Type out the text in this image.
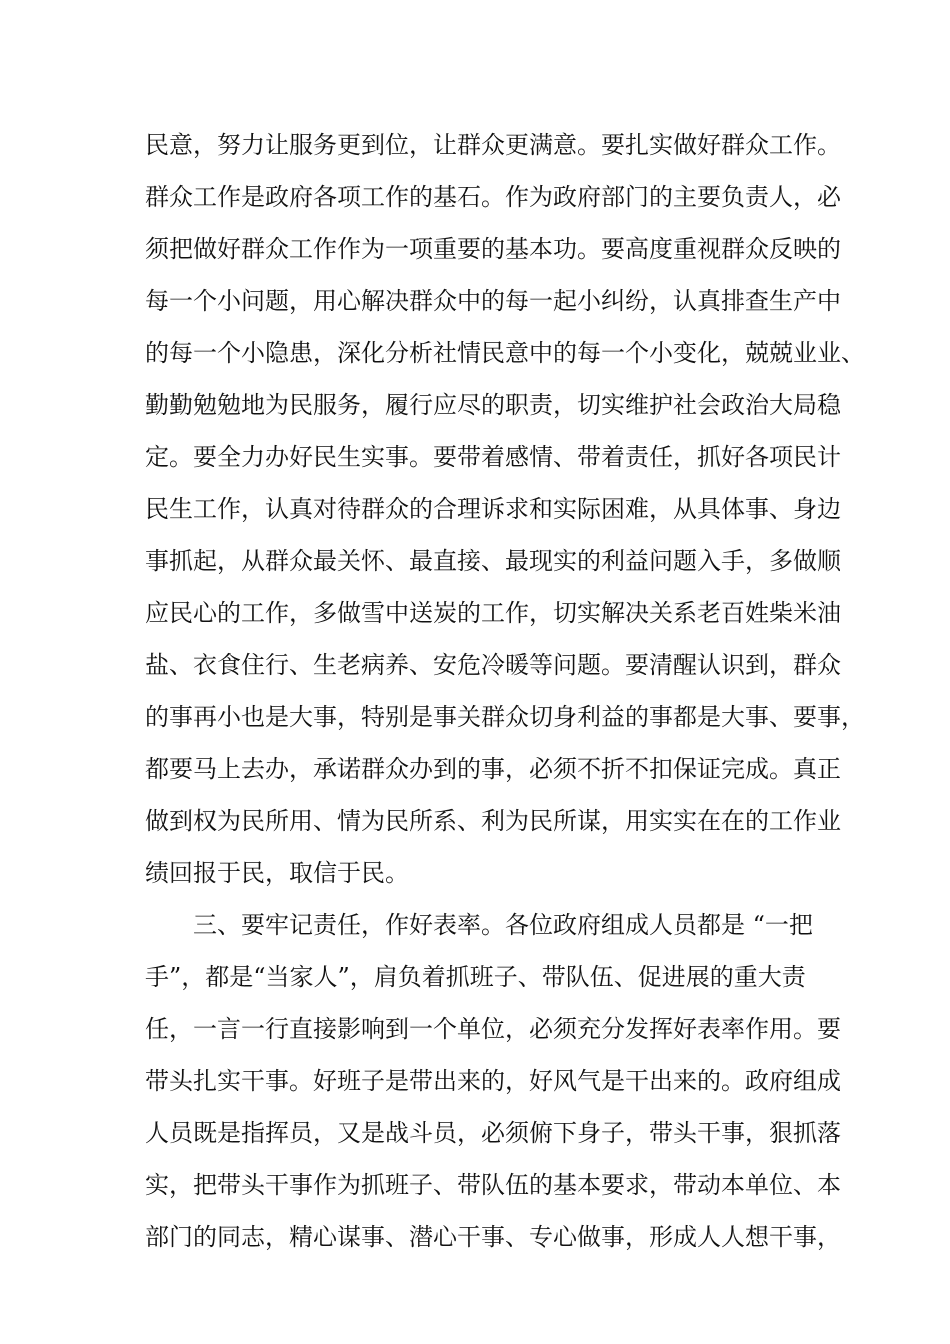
民意，努力让服务更到位，让群众更满意。要扎实做好群众工作。
群众工作是政府各项工作的基石。作为政府部门的主要负责人，必
须把做好群众工作作为一项重要的基本功。要高度重视群众反映的
每一个小问题，用心解决群众中的每一起小纠纷，认真排查生产中
的每一个小隐患，深化分析社情民意中的每一个小变化，兢兢业业、
勤勤勉勉地为民服务，履行应尽的职责，切实维护社会政治大局稳
定。要全力办好民生实事。要带着感情、带着责任，抓好各项民计
民生工作，认真对待群众的合理诉求和实际困难，从具体事、身边
事抓起，从群众最关怀、最直接、最现实的利益问题入手，多做顺
应民心的工作，多做雪中送炭的工作，切实解决关系老百姓柴米油
盐、衣食住行、生老病养、安危冷暖等问题。要清醒认识到，群众
的事再小也是大事，特别是事关群众切身利益的事都是大事、要事，
都要马上去办，承诺群众办到的事，必须不折不扣保证完成。真正
做到权为民所用、情为民所系、利为民所谋，用实实在在的工作业
绩回报于民，取信于民。
三、要牢记责任，作好表率。各位政府组成人员都是 “一把
手”，都是“当家人”，肩负着抓班子、带队伍、促进展的重大责
任，一言一行直接影响到一个单位，必须充分发挥好表率作用。要
带头扎实干事。好班子是带出来的，好风气是干出来的。政府组成
人员既是指挥员，又是战斗员，必须俯下身子，带头干事，狠抓落
实，把带头干事作为抓班子、带队伍的基本要求，带动本单位、本
部门的同志，精心谋事、潜心干事、专心做事，形成人人想干事，
